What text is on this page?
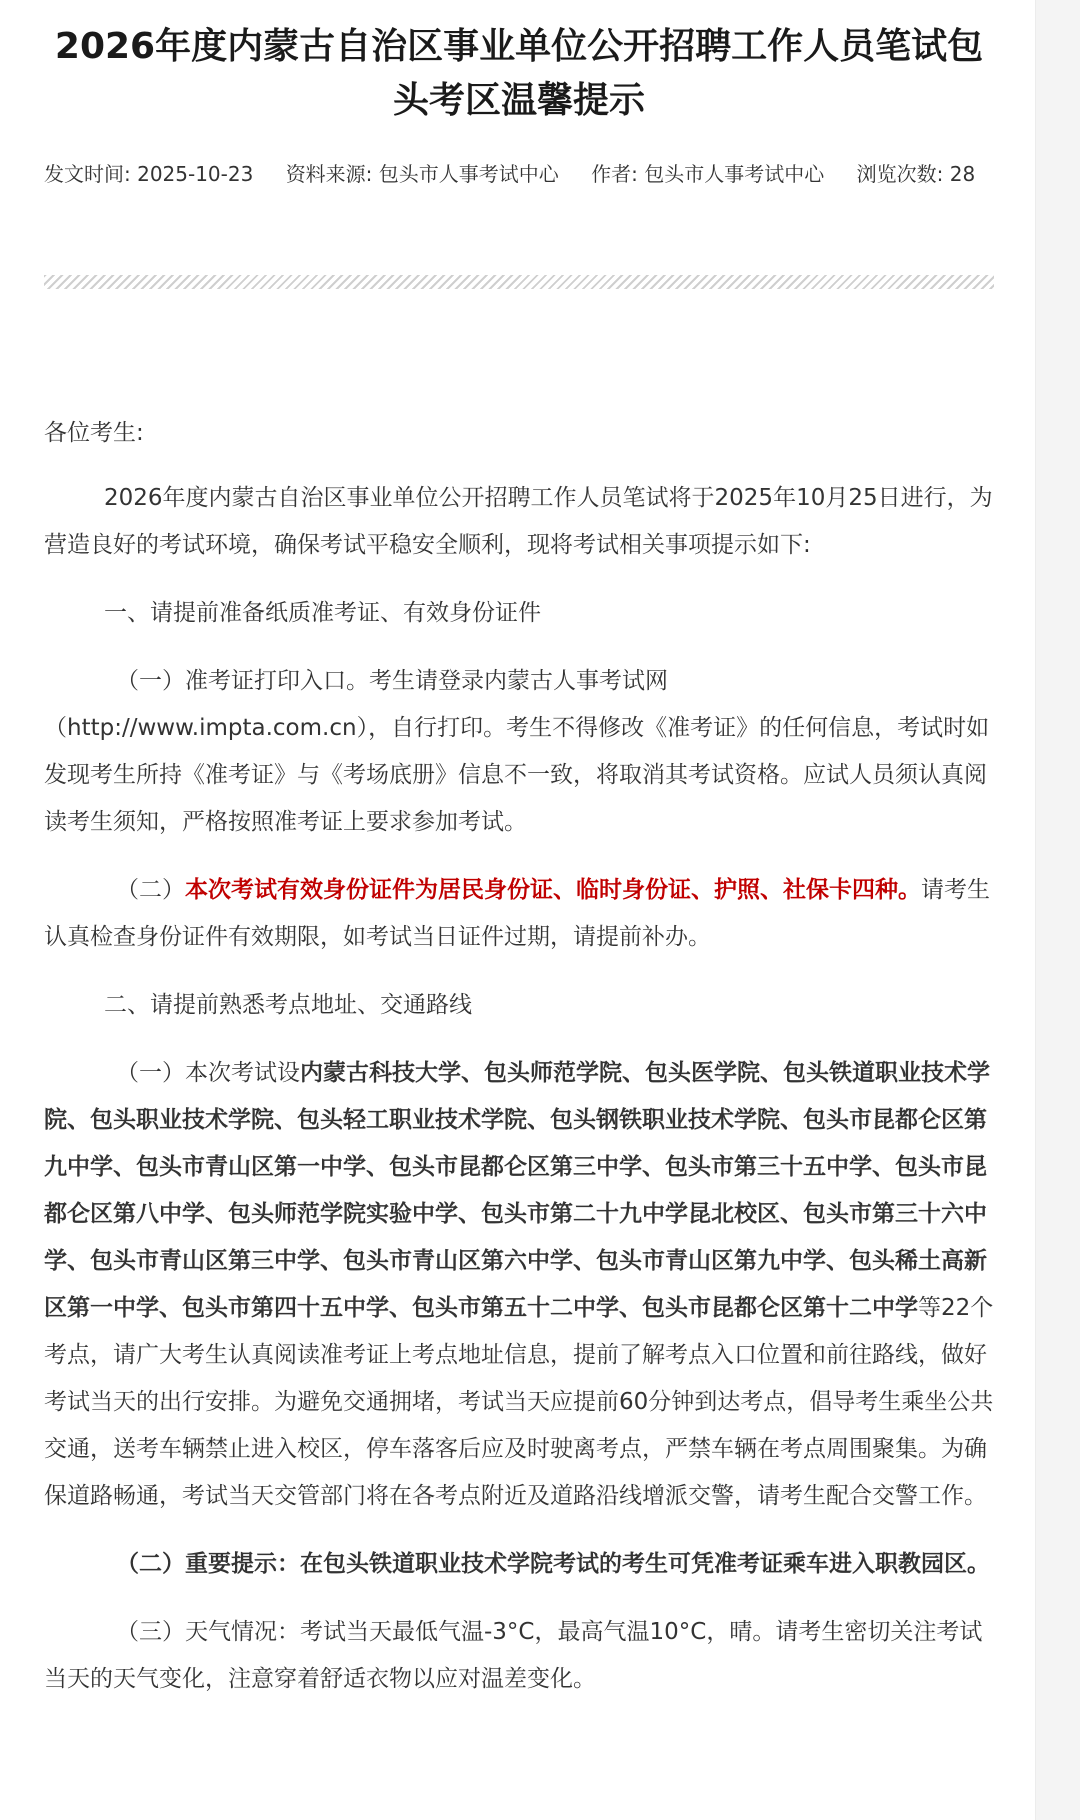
2026年度内蒙古自治区事业单位公开招聘工作人员笔试包头考区温馨提示
发文时间: 2025-10-23 资料来源: 包头市人事考试中心 作者: 包头市人事考试中心 浏览次数: 28

各位考生:

2026年度内蒙古自治区事业单位公开招聘工作人员笔试将于2025年10月25日进行，为营造良好的考试环境，确保考试平稳安全顺利，现将考试相关事项提示如下:

一、请提前准备纸质准考证、有效身份证件

（一）准考证打印入口。考生请登录内蒙古人事考试网（http://www.impta.com.cn），自行打印。考生不得修改《准考证》的任何信息，考试时如发现考生所持《准考证》与《考场底册》信息不一致，将取消其考试资格。应试人员须认真阅读考生须知，严格按照准考证上要求参加考试。

（二）本次考试有效身份证件为居民身份证、临时身份证、护照、社保卡四种。请考生认真检查身份证件有效期限，如考试当日证件过期，请提前补办。

二、请提前熟悉考点地址、交通路线

（一）本次考试设内蒙古科技大学、包头师范学院、包头医学院、包头铁道职业技术学院、包头职业技术学院、包头轻工职业技术学院、包头钢铁职业技术学院、包头市昆都仑区第九中学、包头市青山区第一中学、包头市昆都仑区第三中学、包头市第三十五中学、包头市昆都仑区第八中学、包头师范学院实验中学、包头市第二十九中学昆北校区、包头市第三十六中学、包头市青山区第三中学、包头市青山区第六中学、包头市青山区第九中学、包头稀土高新区第一中学、包头市第四十五中学、包头市第五十二中学、包头市昆都仑区第十二中学等22个考点，请广大考生认真阅读准考证上考点地址信息，提前了解考点入口位置和前往路线，做好考试当天的出行安排。为避免交通拥堵，考试当天应提前60分钟到达考点，倡导考生乘坐公共交通，送考车辆禁止进入校区，停车落客后应及时驶离考点，严禁车辆在考点周围聚集。为确保道路畅通，考试当天交管部门将在各考点附近及道路沿线增派交警，请考生配合交警工作。

（二）重要提示：在包头铁道职业技术学院考试的考生可凭准考证乘车进入职教园区。

（三）天气情况：考试当天最低气温-3°C，最高气温10°C，晴。请考生密切关注考试当天的天气变化，注意穿着舒适衣物以应对温差变化。
